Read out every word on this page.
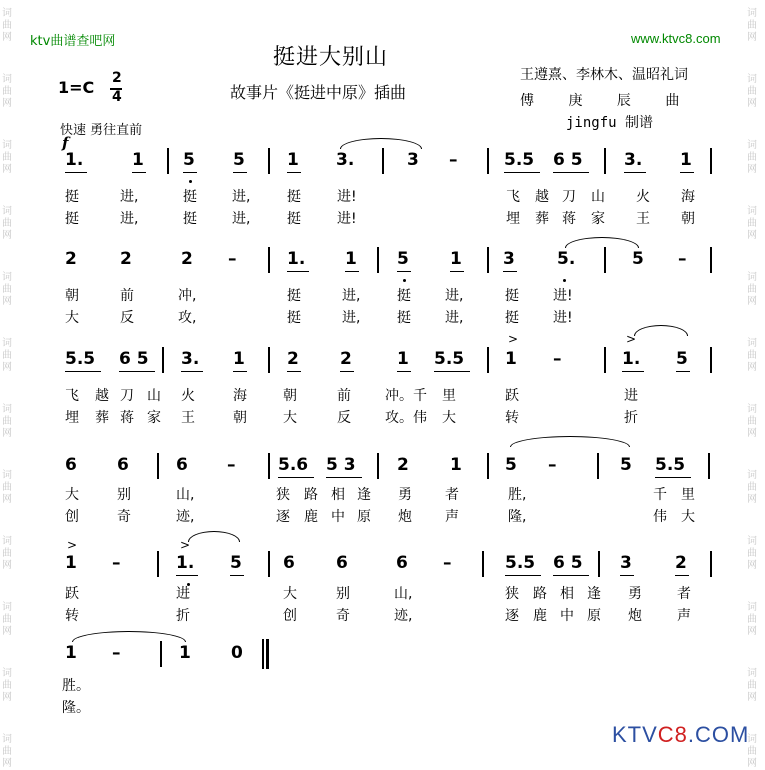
词
曲
网
词
曲
网
词
曲
网
词
曲
网
词
曲
网
词
曲
网
词
曲
网
词
曲
网
词
曲
网
词
曲
网
词
曲
网
词
曲
网
词
曲
网
词
曲
网
词
曲
网
词
曲
网
词
曲
网
词
曲
网
词
曲
网
词
曲
网
词
曲
网
词
曲
网
词
曲
网
词
曲
网
ktv曲谱查吧网	www.ktvc8.com
挺进大别山
故事片《挺进中原》插曲
王遵熹、李林木、温昭礼词
傅 庚 辰 曲
jingfu 制谱
1=C 2
4
快速 勇往直前
f
1.	1 5 5 1 3.	3 –	5.5 6 5 3. 1
挺	进,	挺	进,	挺	进!	飞 越 刀 山 火 海
挺	进,	挺	进,	挺	进!	埋 葬 蒋 家 王 朝
2	2	2 –	1. 1 5 1 3 5.	5 –
朝	前	冲,	挺	进,	挺 进,	挺 进!
大	反	攻,	挺	进,	挺 进,	挺 进!
5.5 6 5 3. 1 2 2	1 5.5 1 –	1. 5
>	>
飞 越 刀 山 火	海	朝	前 冲。千 里	跃	进
埋 葬 蒋 家 王	朝	大	反 攻。伟 大	转	折
6 6	6 –	5.6 5 3 2 1	5 –	5 5.5
大	别	山,	狭 路 相 逢 勇 者	胜,	千 里
创	奇	迹,	逐 鹿 中 原 炮 声	隆,	伟 大
1 –	1. 5 6 6	6 –	5.5 6 5 3	2
>	>
跃	进	大	别	山,	狭 路 相 逢 勇	者
转	折	创	奇	迹,	逐 鹿 中 原 炮	声
1 –	1 0
胜。
隆。
KTVC8.COM
